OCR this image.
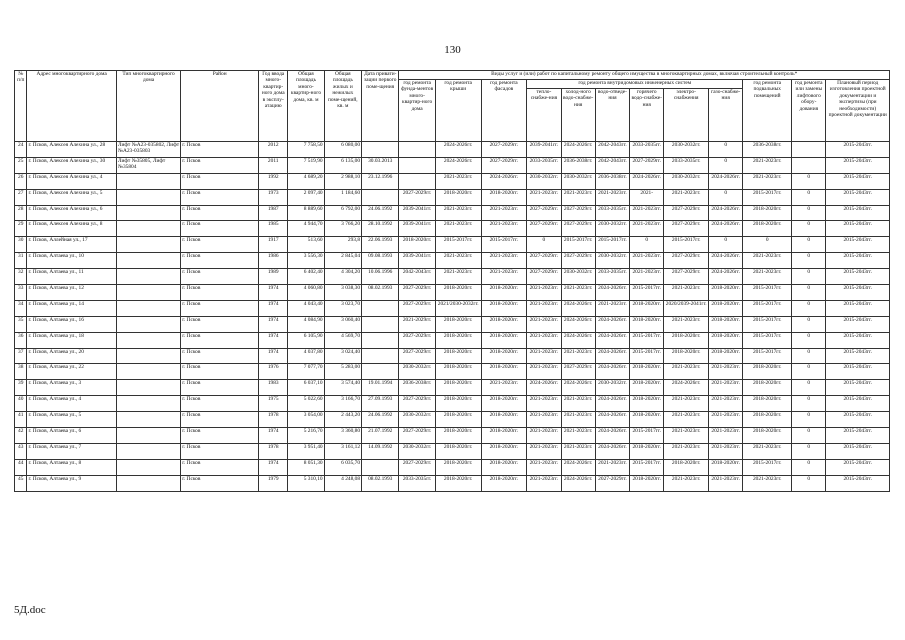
130
№ п/п	Адрес многоквартирного дома	Тип многоквартирного дома	Район	Год ввода много-квартир-ного дома в эксплу-атацию	Общая площадь много-квартир-ного дома, кв. м	Общая площадь жилых и нежилых поме-щений, кв. м	Дата привати-зации первого поме-щения	Виды услуг и (или) работ по капитальному ремонту общего имущества в многоквартирных домах, включая строительный контроль*											
								год ремонта фунда-ментов много-квартир-ного дома	год ремонта крыши	год ремонта фасадов	год ремонта внутридомовых инженерных систем						год ремонта подвальных помещений	год ремонта или замены лифтового обору-дования	Плановый период изготовления проектной документации и экспертизы (при необходимости) проектной документации
											тепло-снабже-ния	холод-ного водо-снабже-ния	водо-отведе-ния	горячего водо-снабже-ния	электро-снабжения	газо-снабже-ния			
24	г. Псков, Алексея Алехина ул., 28	Лифт №А23-035802, Лифт №А23-035803	г. Псков	2012	7 758,50	6 080,00			2024-2026гг.	2027-2029гг.	2039-2041гг.	2024-2026гг.	2042-2043гг.	2033-2035гг.	2030-2032гг.	0	2036-2038гг.		2015-2043гг.
25	г. Псков, Алексея Алехина ул., 30	Лифт №35805, Лифт №35804	г. Псков	2011	7 519,90	6 135,00	30.03.2013		2024-2026гг.	2027-2029гг.	2033-2035гг.	2036-2038гг.	2042-2043гг.	2027-2029гг.	2033-2035гг.	0	2021-2023гг.		2015-2043гг.
26	г. Псков, Алексея Алехина ул., 4		г. Псков	1992	4 689,20	2 988,10	23.12.1996		2021-2023гг.	2024-2026гг.	2030-2032гг.	2030-2032гг.	2036-2038гг.	2024-2026гг.	2030-2032гг.	2024-2026гг.	2021-2023гг.	0	2015-2043гг.
27	г. Псков, Алексея Алехина ул., 5		г. Псков	1973	2 097,40	1 184,60		2027-2029гг.	2018-2020гг.	2018-2020гг.	2021-2023гг.	2021-2023гг.	2021-2023гг.	2021-	2021-2023гг.	0	2015-2017гг.	0	2015-2043гг.
28	г. Псков, Алексея Алехина ул., 6		г. Псков	1987	8 889,60	6 792,00	24.06.1992	2039-2041гг.	2021-2023гг.	2021-2023гг.	2027-2029гг.	2027-2029гг.	2033-2035гг.	2021-2023гг.	2027-2029гг.	2024-2026гг.	2018-2020гг.	0	2015-2043гг.
29	г. Псков, Алексея Алехина ул., 8		г. Псков	1985	4 944,70	3 766,20	28.10.1992	2039-2041гг.	2021-2023гг.	2021-2023гг.	2027-2029гг.	2027-2029гг.	2030-2032гг.	2021-2023гг.	2027-2029гг.	2024-2026гг.	2018-2020гг.	0	2015-2043гг.
30	г. Псков, Аллейная ул., 17		г. Псков	1917	513,60	293,8	22.06.1993	2018-2020гг.	2015-2017гг.	2015-2017гг.	0	2015-2017гг.	2015-2017гг.	0	2015-2017гг.	0	0	0	2015-2043гг.
31	г. Псков, Алтаева ул., 10		г. Псков	1986	3 556,30	2 845,04	09.08.1993	2039-2041гг.	2021-2023гг.	2021-2023гг.	2027-2029гг.	2027-2029гг.	2030-2032гг.	2021-2023гг.	2027-2029гг.	2024-2026гг.	2021-2023гг.	0	2015-2043гг.
32	г. Псков, Алтаева ул., 11		г. Псков	1989	6 402,40	4 304,20	10.06.1996	2042-2043гг.	2021-2023гг.	2021-2023гг.	2027-2029гг.	2030-2032гг.	2033-2035гг.	2021-2023гг.	2027-2029гг.	2024-2026гг.	2021-2023гг.	0	2015-2043гг.
33	г. Псков, Алтаева ул., 12		г. Псков	1974	4 060,80	3 038,30	08.02.1993	2027-2029гг.	2018-2020гг.	2018-2020гг.	2021-2023гг.	2021-2023гг.	2024-2026гг.	2015-2017гг.	2021-2023гг.	2018-2020гг.	2015-2017гг.	0	2015-2043гг.
34	г. Псков, Алтаева ул., 14		г. Псков	1974	4 043,40	3 023,70		2027-2029гг.	2021/2030-2032гг.	2018-2020гг.	2021-2023гг.	2024-2026гг.	2021-2023гг.	2018-2020гг.	2020/2039-2041гг.	2018-2020гг.	2015-2017гг.	0	2015-2043гг.
35	г. Псков, Алтаева ул., 16		г. Псков	1974	4 084,90	3 060,40		2021-2029гг.	2018-2020гг.	2018-2020гг.	2021-2023гг.	2024-2026гг.	2024-2026гг.	2018-2020гг.	2021-2023гг.	2018-2020гг.	2015-2017гг.	0	2015-2043гг.
36	г. Псков, Алтаева ул., 18		г. Псков	1974	6 105,90	4 569,70		2027-2029гг.	2018-2020гг.	2018-2020гг.	2021-2023гг.	2024-2026гг.	2024-2026гг.	2015-2017гг.	2018-2020гг.	2018-2020гг.	2015-2017гг.	0	2015-2043гг.
37	г. Псков, Алтаева ул., 20		г. Псков	1974	4 037,80	3 024,40		2027-2029гг.	2018-2020гг.	2018-2020гг.	2021-2023гг.	2021-2023гг.	2024-2026гг.	2015-2017гг.	2018-2020гг.	2018-2020гг.	2015-2017гг.	0	2015-2043гг.
38	г. Псков, Алтаева ул., 22		г. Псков	1976	7 077,70	5 283,00		2030-2032гг.	2018-2020гг.	2018-2020гг.	2021-2023гг.	2027-2029гг.	2024-2026гг.	2018-2020гг.	2021-2023гг.	2021-2023гг.	2018-2020гг.	0	2015-2043гг.
39	г. Псков, Алтаева ул., 3		г. Псков	1983	6 037,10	3 574,40	19.01.1994	2036-2038гг.	2018-2020гг.	2021-2023гг.	2024-2026гг.	2024-2026гг.	2030-2032гг.	2018-2020гг.	2024-2026гг.	2021-2023гг.	2018-2020гг.	0	2015-2043гг.
40	г. Псков, Алтаева ул., 4		г. Псков	1975	5 022,60	3 166,70	27.09.1993	2027-2029гг.	2018-2020гг.	2018-2020гг.	2021-2023гг.	2021-2023гг.	2024-2026гг.	2018-2020гг.	2021-2023гг.	2021-2023гг.	2018-2020гг.	0	2015-2043гг.
41	г. Псков, Алтаева ул., 5		г. Псков	1978	3 054,00	2 443,20	24.06.1992	2030-2032гг.	2018-2020гг.	2018-2020гг.	2021-2023гг.	2021-2023гг.	2024-2026гг.	2018-2020гг.	2021-2023гг.	2021-2023гг.	2018-2020гг.	0	2015-2043гг.
42	г. Псков, Алтаева ул., 6		г. Псков	1974	5 216,70	3 360,80	21.07.1992	2027-2029гг.	2018-2020гг.	2018-2020гг.	2021-2023гг.	2021-2023гг.	2024-2026гг.	2015-2017гг.	2021-2023гг.	2021-2023гг.	2018-2020гг.	0	2015-2043гг.
43	г. Псков, Алтаева ул., 7		г. Псков	1978	3 951,40	3 161,12	14.09.1992	2030-2032гг.	2018-2020гг.	2018-2020гг.	2021-2023гг.	2021-2023гг.	2024-2026гг.	2018-2020гг.	2021-2023гг.	2021-2023гг.	2021-2023гг.	0	2015-2043гг.
44	г. Псков, Алтаева ул., 8		г. Псков	1974	8 051,30	6 035,70		2027-2029гг.	2018-2020гг.	2018-2020гг.	2021-2023гг.	2024-2026гг.	2021-2023гг.	2015-2017гг.	2018-2020гг.	2018-2020гг.	2015-2017гг.	0	2015-2043гг.
45	г. Псков, Алтаева ул., 9		г. Псков	1979	5 310,10	4 248,08	08.02.1993	2033-2035гг.	2018-2020гг.	2018-2020гг.	2021-2023гг.	2024-2026гг.	2027-2029гг.	2018-2020гг.	2021-2023гг.	2021-2023гг.	2021-2023гг.	0	2015-2043гг.
5Д.doc
